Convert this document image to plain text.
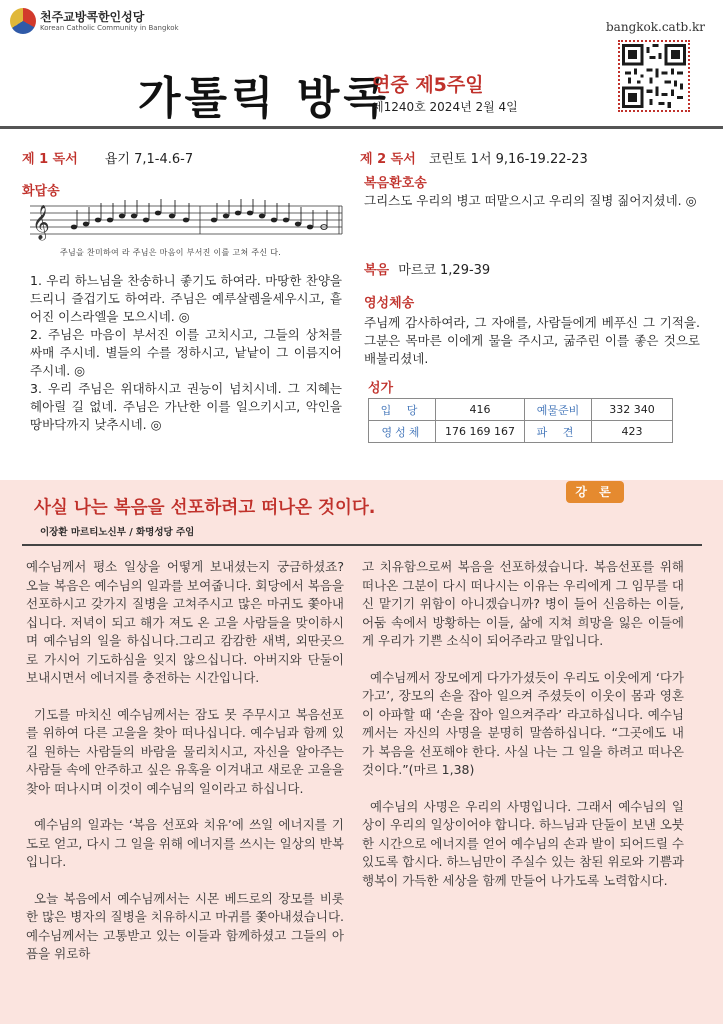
천주교방콕한인성당
Korean Catholic Community in Bangkok	bangkok.catb.kr
가톨릭 방콕
연중 제5주일
제1240호 2024년 2월 4일
제 1 독서 욥기 7,1-4.6-7
화답송
𝄞
주님을 찬미하여 라 주님은 마음이 부서진 이를 고쳐 주신 다.
1. 우리 하느님을 찬송하니 좋기도 하여라. 마땅한 찬양을 드리니 즐겁기도 하여라. 주님은 예루살렘을세우시고, 흩어진 이스라엘을 모으시네. ◎
2. 주님은 마음이 부서진 이를 고치시고, 그들의 상처를 싸매 주시네. 별들의 수를 정하시고, 낱낱이 그 이름지어 주시네. ◎
3. 우리 주님은 위대하시고 권능이 넘치시네. 그 지혜는 헤아릴 길 없네. 주님은 가난한 이를 일으키시고, 악인을 땅바닥까지 낮추시네. ◎
제 2 독서 코린토 1서 9,16-19.22-23
복음환호송
그리스도 우리의 병고 떠맡으시고 우리의 질병 짊어지셨네. ◎
복음 마르코 1,29-39
영성체송
주님께 감사하여라, 그 자애를, 사람들에게 베푸신 그 기적을. 그분은 목마른 이에게 물을 주시고, 굶주린 이를 좋은 것으로 배불리셨네.
성가
입 당	416	예물준비	332 340
영성체	176 169 167	파 견	423
강 론
사실 나는 복음을 선포하려고 떠나온 것이다.
이장환 마르티노신부 / 화명성당 주임

예수님께서 평소 일상을 어떻게 보내셨는지 궁금하셨죠? 오늘 복음은 예수님의 일과를 보여줍니다. 회당에서 복음을 선포하시고 갖가지 질병을 고쳐주시고 많은 마귀도 쫓아내십니다. 저녁이 되고 해가 져도 온 고을 사람들을 맞이하시며 예수님의 일을 하십니다.그리고 캄캄한 새벽, 외딴곳으로 가시어 기도하심을 잊지 않으십니다. 아버지와 단둘이 보내시면서 에너지를 충전하는 시간입니다.

기도를 마치신 예수님께서는 잠도 못 주무시고 복음선포를 위하여 다른 고을을 찾아 떠나십니다. 예수님과 함께 있길 원하는 사람들의 바람을 물리치시고, 자신을 알아주는 사람들 속에 안주하고 싶은 유혹을 이겨내고 새로운 고을을 찾아 떠나시며 이것이 예수님의 일이라고 하십니다.

예수님의 일과는 ‘복음 선포와 치유’에 쓰일 에너지를 기도로 얻고, 다시 그 일을 위해 에너지를 쓰시는 일상의 반복입니다.

오늘 복음에서 예수님께서는 시몬 베드로의 장모를 비롯한 많은 병자의 질병을 치유하시고 마귀를 쫓아내셨습니다. 예수님께서는 고통받고 있는 이들과 함께하셨고 그들의 아픔을 위로하

고 치유함으로써 복음을 선포하셨습니다. 복음선포를 위해 떠나온 그분이 다시 떠나시는 이유는 우리에게 그 임무를 대신 맡기기 위함이 아니겠습니까? 병이 들어 신음하는 이들,어둠 속에서 방황하는 이들, 삶에 지쳐 희망을 잃은 이들에게 우리가 기쁜 소식이 되어주라고 말입니다.

예수님께서 장모에게 다가가셨듯이 우리도 이웃에게 ‘다가가고’, 장모의 손을 잡아 일으켜 주셨듯이 이웃이 몸과 영혼이 아파할 때 ‘손을 잡아 일으켜주라’ 라고하십니다. 예수님께서는 자신의 사명을 분명히 말씀하십니다. “그곳에도 내가 복음을 선포해야 한다. 사실 나는 그 일을 하려고 떠나온 것이다.”(마르 1,38)

예수님의 사명은 우리의 사명입니다. 그래서 예수님의 일상이 우리의 일상이어야 합니다. 하느님과 단둘이 보낸 오붓한 시간으로 에너지를 얻어 예수님의 손과 발이 되어드릴 수 있도록 합시다. 하느님만이 주실수 있는 참된 위로와 기쁨과 행복이 가득한 세상을 함께 만들어 나가도록 노력합시다.
